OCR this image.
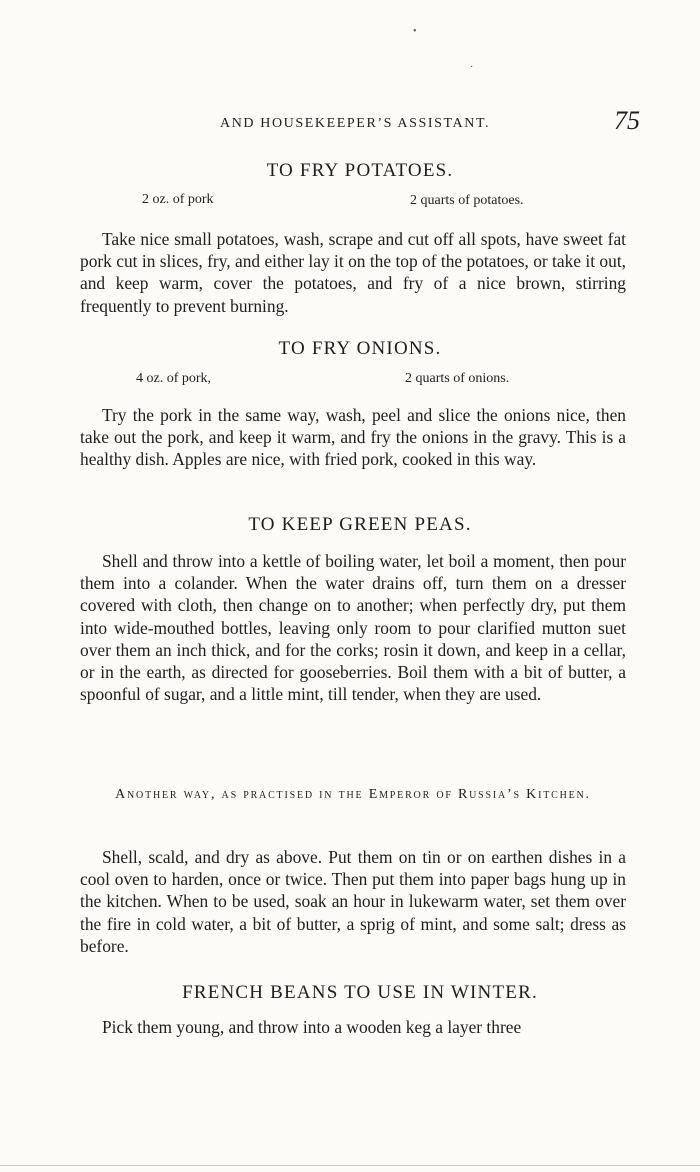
•
·
AND HOUSEKEEPER’S ASSISTANT.	75
TO FRY POTATOES.
2 oz. of pork	2 quarts of potatoes.

Take nice small potatoes, wash, scrape and cut off all spots, have sweet fat pork cut in slices, fry, and either lay it on the top of the potatoes, or take it out, and keep warm, cover the potatoes, and fry of a nice brown, stirring frequently to prevent burning.

TO FRY ONIONS.
4 oz. of pork,	2 quarts of onions.

Try the pork in the same way, wash, peel and slice the onions nice, then take out the pork, and keep it warm, and fry the onions in the gravy. This is a healthy dish. Apples are nice, with fried pork, cooked in this way.

TO KEEP GREEN PEAS.

Shell and throw into a kettle of boiling water, let boil a moment, then pour them into a colander. When the water drains off, turn them on a dresser covered with cloth, then change on to another; when perfectly dry, put them into wide-mouthed bottles, leaving only room to pour clarified mutton suet over them an inch thick, and for the corks; rosin it down, and keep in a cellar, or in the earth, as directed for gooseberries. Boil them with a bit of butter, a spoonful of sugar, and a little mint, till tender, when they are used.

Another way, as practised in the Emperor of Russia’s Kitchen.

Shell, scald, and dry as above. Put them on tin or on earthen dishes in a cool oven to harden, once or twice. Then put them into paper bags hung up in the kitchen. When to be used, soak an hour in lukewarm water, set them over the fire in cold water, a bit of butter, a sprig of mint, and some salt; dress as before.

FRENCH BEANS TO USE IN WINTER.

Pick them young, and throw into a wooden keg a layer three
